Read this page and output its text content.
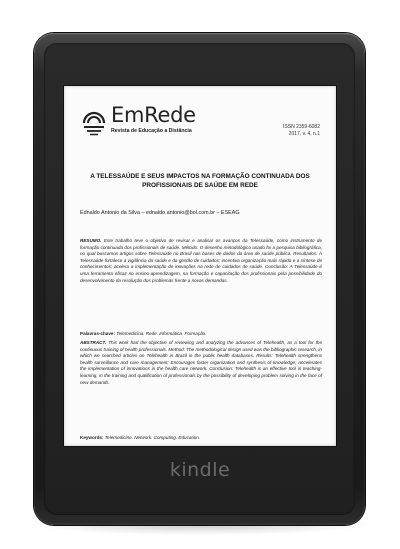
EmRede
Revista de Educação a Distância
ISSN 2359-6082
2017, v. 4, n.1
A TELESSAÚDE E SEUS IMPACTOS NA FORMAÇÃO CONTINUADA DOS PROFISSIONAIS DE SAÚDE EM REDE
Ednaldo Antonio da Silva – ednaldo.antonio@bol.com.br – ESEAG
RESUMO. Este trabalho teve o objetivo de revisar e analisar os avanços da Telessaúde, como instrumento de formação continuada dos profissionais de saúde. Método: O desenho metodológico usado foi a pesquisa bibliográfica, no qual buscamos artigos sobre Telessaúde no Brasil nas bases de dados da área de saúde pública. Resultados: A Telessaúde fortalece a vigilância da saúde e da gestão de cuidados; incentiva organização mais rápida e a síntese de conhecimentos; acelera a implementação de inovações na rede de cuidados de saúde. Conclusão: A Telessaúde é uma ferramenta eficaz no ensino-aprendizagem, na formação e capacitação dos profissionais pela possibilidade do desenvolvimento da resolução dos problemas frente a novas demandas.
Palavras-chave: Telemedicina. Rede. Informática. Formação.
ABSTRACT. This work had the objective of reviewing and analyzing the advances of Telehealth, as a tool for the continuous training of health professionals. Method: The methodological design used was the bibliographic research, in which we searched articles on Telehealth in Brazil in the public health databases. Results: Telehealth strengthens health surveillance and care management; Encourages faster organization and synthesis of knowledge; Accelerates the implementation of innovations in the health care network. Conclusion: Telehealth is an effective tool in teaching-learning, in the training and qualification of professionals by the possibility of developing problem solving in the face of new demands.
Keywords: Telemedicine. Network. Computing. Education.
kindle
